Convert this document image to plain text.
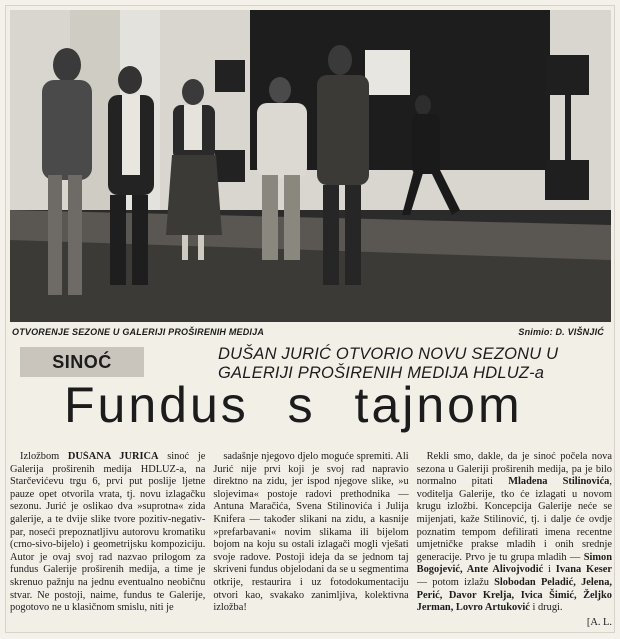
OTVORENJE SEZONE U GALERIJI PROŠIRENIH MEDIJA	Snimio: D. VIŠNJIĆ
SINOĆ	DUŠAN JURIĆ OTVORIO NOVU SEZONU U GALERIJI PROŠIRENIH MEDIJA HDLUZ-a
Fundus s tajnom
Izložbom DUŠANA JURIĆA sinoć je Galerija proširenih medija HDLUZ-a, na Starčevićevu trgu 6, prvi put poslije ljetne pauze opet otvorila vrata, tj. novu izlagačku sezonu. Jurić je oslikao dva »suprotna« zida galerije, a te dvije slike tvore pozitiv-negativ-par, noseći prepoznatljivu autorovu kromatiku (crno-sivo-bijelo) i geometrijsku kompoziciju. Autor je ovaj svoj rad nazvao prilogom za fundus Galerije proširenih medija, a time je skrenuo pažnju na jednu eventualno neobičnu stvar. Ne postoji, naime, fundus te Galerije, pogotovo ne u klasičnom smislu, niti je
sadašnje njegovo djelo moguće spremiti. Ali Jurić nije prvi koji je svoj rad napravio direktno na zidu, jer ispod njegove slike, »u slojevima« postoje radovi prethodnika — Antuna Maračića, Svena Stilinovića i Julija Knifera — također slikani na zidu, a kasnije »prefarbavani« novim slikama ili bijelom bojom na koju su ostali izlagači mogli vješati svoje radove. Postoji ideja da se jednom taj skriveni fundus objelodani da se u segmentima otkrije, restaurira i uz fotodokumentaciju otvori kao, svakako zanimljiva, kolektivna izložba!
Rekli smo, dakle, da je sinoć počela nova sezona u Galeriji proširenih medija, pa je bilo normalno pitati Mladena Stilinovića, voditelja Galerije, tko će izlagati u novom krugu izložbi. Koncepcija Galerije neće se mijenjati, kaže Stilinović, tj. i dalje će ovdje poznatim tempom defilirati imena recentne umjetničke prakse mladih i onih srednje generacije. Prvo je tu grupa mladih — Simon Bogojević, Ante Alivojvodić i Ivana Keser — potom izlažu Slobodan Peladić, Jelena, Perić, Davor Krelja, Ivica Šimić, Željko Jerman, Lovro Artuković i drugi.
[A. L.
